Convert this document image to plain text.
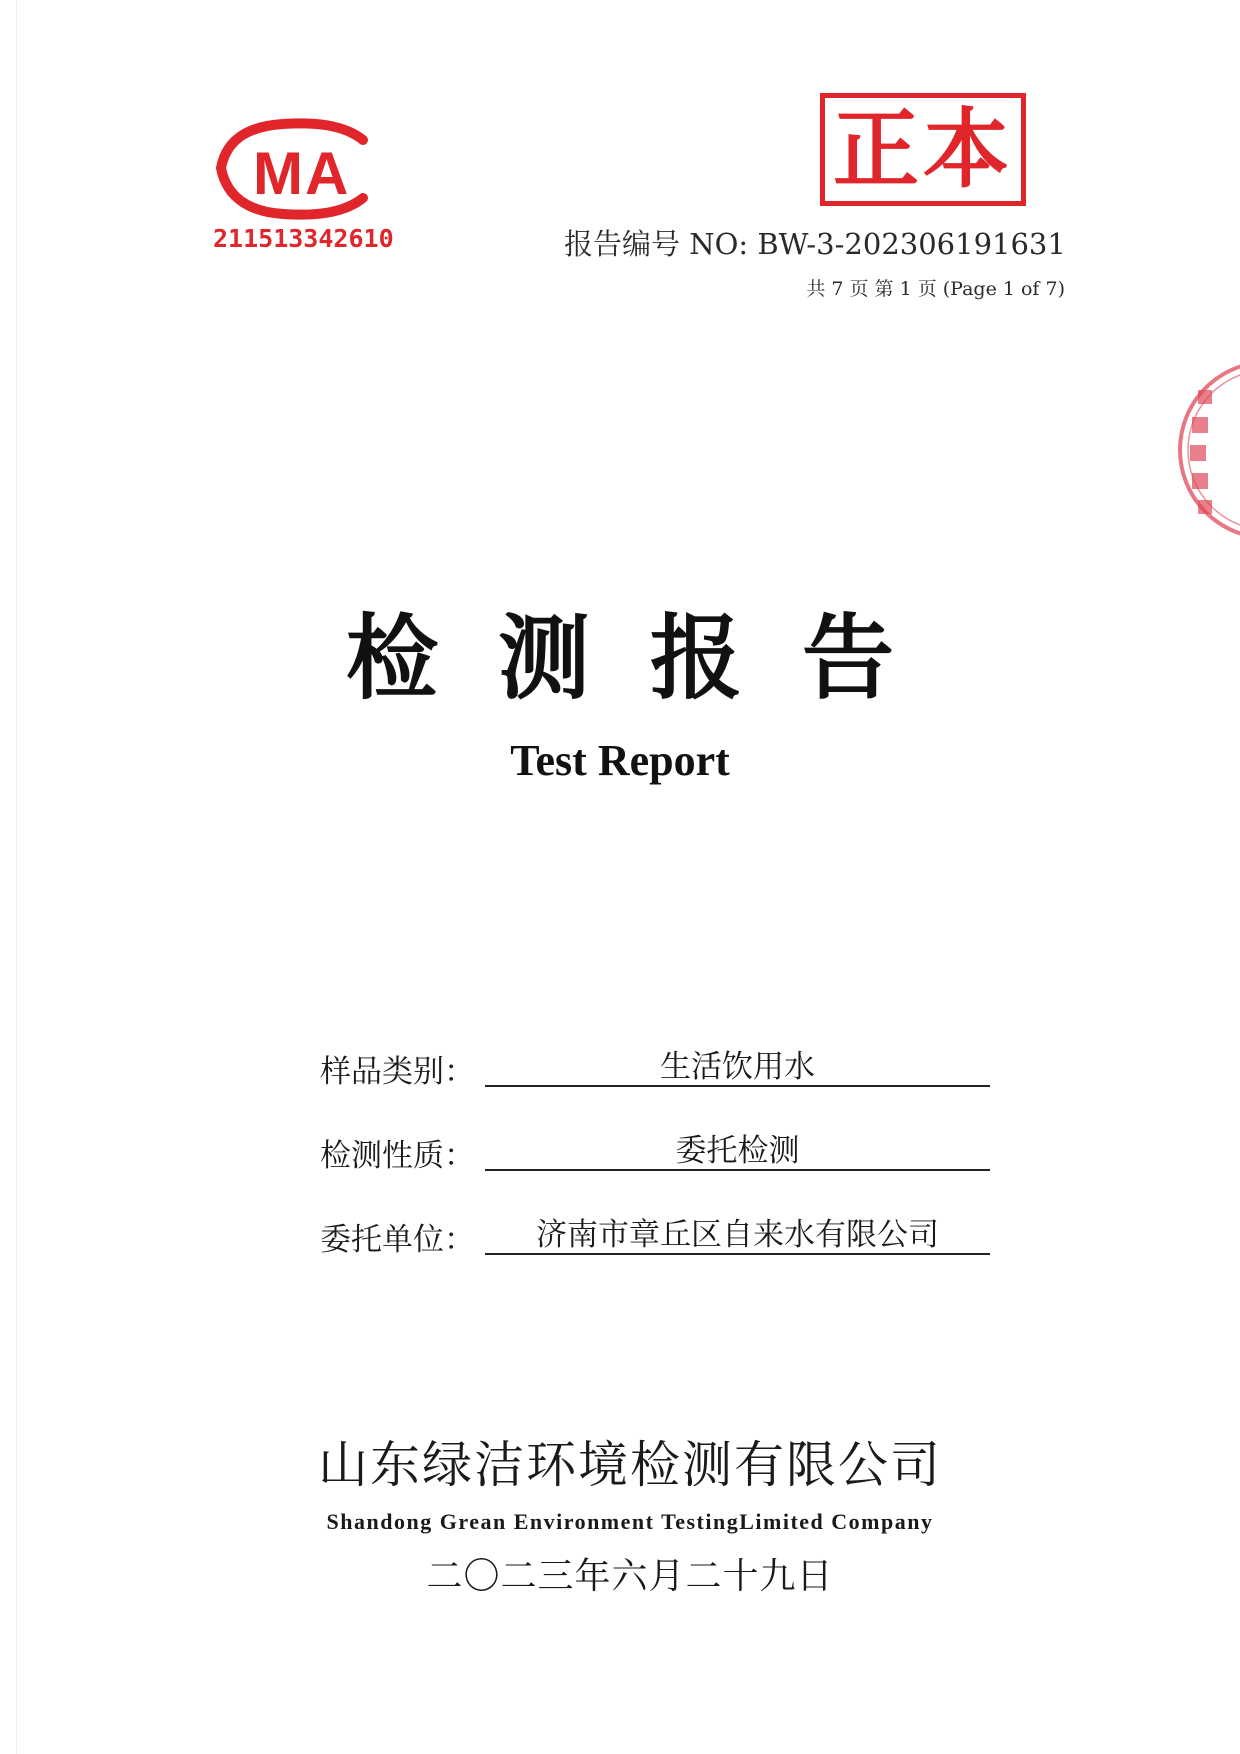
MA
211513342610
正本
报告编号 NO: BW-3-202306191631
共 7 页 第 1 页 (Page 1 of 7)
检测报告
Test Report
样品类别：	生活饮用水
检测性质：	委托检测
委托单位：	济南市章丘区自来水有限公司
山东绿洁环境检测有限公司
Shandong Grean Environment TestingLimited Company
二〇二三年六月二十九日
